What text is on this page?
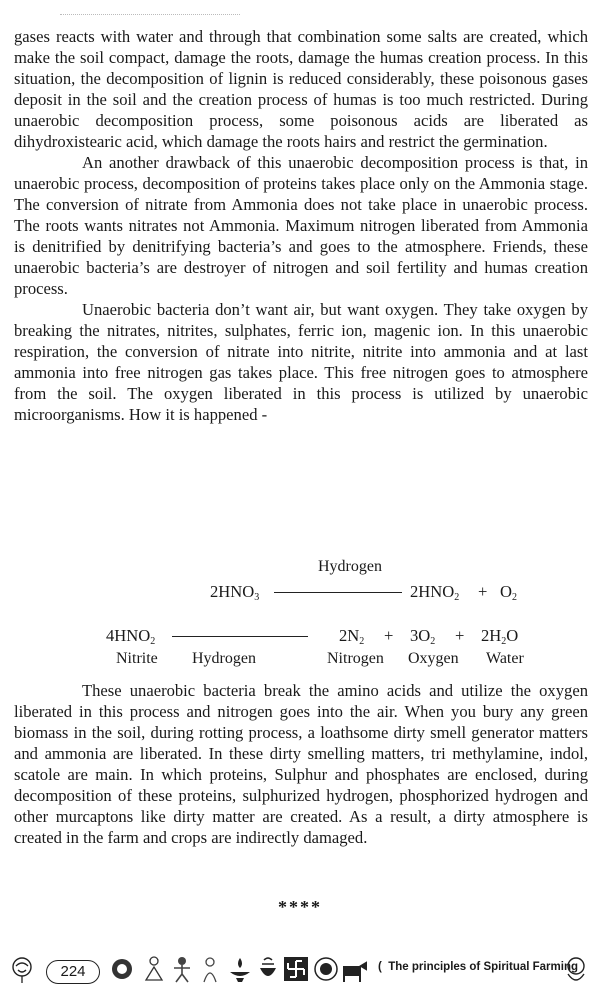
gases reacts with water and through that combination some salts are created, which make the soil compact, damage the roots, damage the humas creation process. In this situation, the decomposition of lignin is reduced considerably, these poisonous gases deposit in the soil and the creation process of humas is too much restricted. During unaerobic decomposition process, some poisonous acids are liberated as dihydroxistearic acid, which damage the roots hairs and restrict the germination.

An another drawback of this unaerobic decomposition process is that, in unaerobic process, decomposition of proteins takes place only on the Ammonia stage. The conversion of nitrate from Ammonia does not take place in unaerobic process. The roots wants nitrates not Ammonia. Maximum nitrogen liberated from Ammonia is denitrified by denitrifying bacteria’s and goes to the atmosphere. Friends, these unaerobic bacteria’s are destroyer of nitrogen and soil fertility and humas creation process.

Unaerobic bacteria don’t want air, but want oxygen. They take oxygen by breaking the nitrates, nitrites, sulphates, ferric ion, magenic ion. In this unaerobic respiration, the conversion of nitrate into nitrite, nitrite into ammonia and at last ammonia into free nitrogen gas takes place. This free nitrogen goes to atmosphere from the soil. The oxygen liberated in this process is utilized by unaerobic microorganisms. How it is happened -

Hydrogen
$2HNO_3$	$2HNO_2 + O_2$
$4HNO_2$	$2N_2 + 3O_2 + 2H_2O$
Nitrite Hydrogen	Nitrogen Oxygen Water

These unaerobic bacteria break the amino acids and utilize the oxygen liberated in this process and nitrogen goes into the air. When you bury any green biomass in the soil, during rotting process, a loathsome dirty smell generator matters and ammonia are liberated. In these dirty smelling matters, tri methylamine, indol, scatole are main. In which proteins, Sulphur and phosphates are enclosed, during decomposition of these proteins, sulphurized hydrogen, phosphorized hydrogen and other murcaptons like dirty matter are created. As a result, a dirty atmosphere is created in the farm and crops are indirectly damaged.

****
224	( The principles of Spiritual Farming
